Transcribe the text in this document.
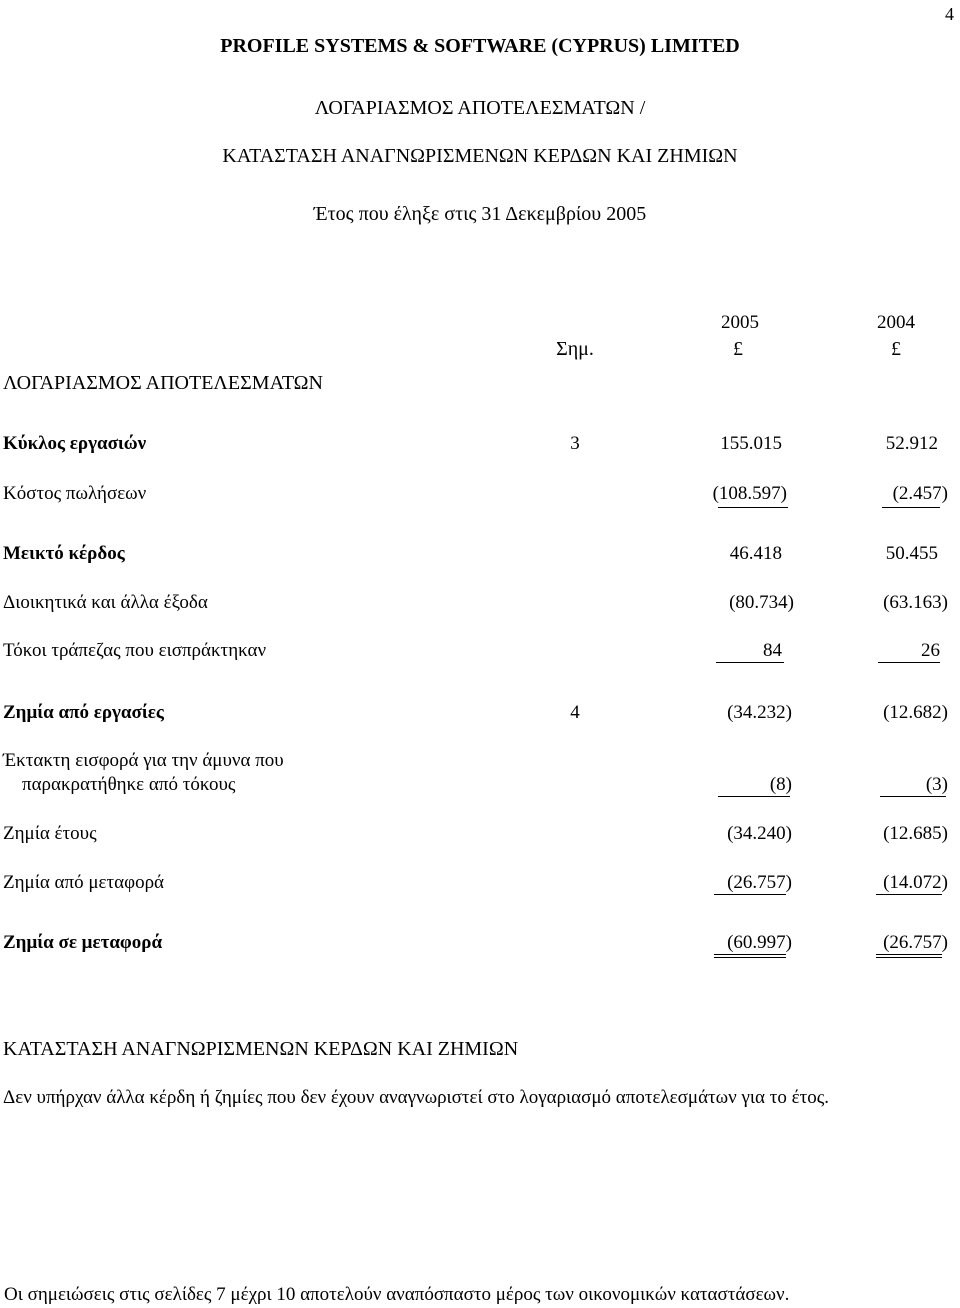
4
PROFILE SYSTEMS & SOFTWARE (CYPRUS) LIMITED
ΛΟΓΑΡΙΑΣΜΟΣ ΑΠΟΤΕΛΕΣΜΑΤΩΝ /
ΚΑΤΑΣΤΑΣΗ ΑΝΑΓΝΩΡΙΣΜΕΝΩΝ ΚΕΡΔΩΝ ΚΑΙ ΖΗΜΙΩΝ
Έτος που έληξε στις 31 Δεκεμβρίου 2005
2005	2004
Σημ.	£	£
ΛΟΓΑΡΙΑΣΜΟΣ ΑΠΟΤΕΛΕΣΜΑΤΩΝ
Κύκλος εργασιών	3	155.015	52.912
Κόστος πωλήσεων	(108.597)	(2.457)
Μεικτό κέρδος	46.418	50.455
Διοικητικά και άλλα έξοδα	(80.734)	(63.163)
Τόκοι τράπεζας που εισπράκτηκαν	84	26
Ζημία από εργασίες	4	(34.232)	(12.682)
Έκτακτη εισφορά για την άμυνα που
παρακρατήθηκε από τόκους	(8)	(3)
Ζημία έτους	(34.240)	(12.685)
Ζημία από μεταφορά	(26.757)	(14.072)
Ζημία σε μεταφορά	(60.997)	(26.757)
ΚΑΤΑΣΤΑΣΗ ΑΝΑΓΝΩΡΙΣΜΕΝΩΝ ΚΕΡΔΩΝ ΚΑΙ ΖΗΜΙΩΝ
Δεν υπήρχαν άλλα κέρδη ή ζημίες που δεν έχουν αναγνωριστεί στο λογαριασμό αποτελεσμάτων για το έτος.
Οι σημειώσεις στις σελίδες 7 μέχρι 10 αποτελούν αναπόσπαστο μέρος των οικονομικών καταστάσεων.
